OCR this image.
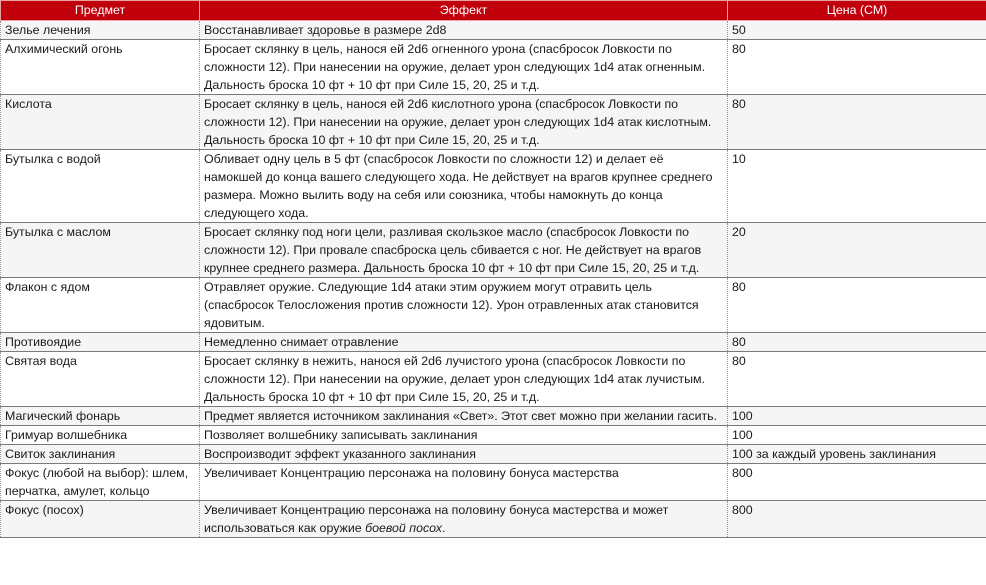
Предмет	Эффект	Цена (СМ)
Зелье лечения	Восстанавливает здоровье в размере 2d8	50
Алхимический огонь	Бросает склянку в цель, нанося ей 2d6 огненного урона (спасбросок Ловкости по сложности 12). При нанесении на оружие, делает урон следующих 1d4 атак огненным. Дальность броска 10 фт + 10 фт при Силе 15, 20, 25 и т.д.	80
Кислота	Бросает склянку в цель, нанося ей 2d6 кислотного урона (спасбросок Ловкости по сложности 12). При нанесении на оружие, делает урон следующих 1d4 атак кислотным. Дальность броска 10 фт + 10 фт при Силе 15, 20, 25 и т.д.	80
Бутылка с водой	Обливает одну цель в 5 фт (спасбросок Ловкости по сложности 12) и делает её намокшей до конца вашего следующего хода. Не действует на врагов крупнее среднего размера. Можно вылить воду на себя или союзника, чтобы намокнуть до конца следующего хода.	10
Бутылка с маслом	Бросает склянку под ноги цели, разливая скользкое масло (спасбросок Ловкости по сложности 12). При провале спасброска цель сбивается с ног. Не действует на врагов крупнее среднего размера. Дальность броска 10 фт + 10 фт при Силе 15, 20, 25 и т.д.	20
Флакон с ядом	Отравляет оружие. Следующие 1d4 атаки этим оружием могут отравить цель (спасбросок Телосложения против сложности 12). Урон отравленных атак становится ядовитым.	80
Противоядие	Немедленно снимает отравление	80
Святая вода	Бросает склянку в нежить, нанося ей 2d6 лучистого урона (спасбросок Ловкости по сложности 12). При нанесении на оружие, делает урон следующих 1d4 атак лучистым. Дальность броска 10 фт + 10 фт при Силе 15, 20, 25 и т.д.	80
Магический фонарь	Предмет является источником заклинания «Свет». Этот свет можно при желании гасить.	100
Гримуар волшебника	Позволяет волшебнику записывать заклинания	100
Свиток заклинания	Воспроизводит эффект указанного заклинания	100 за каждый уровень заклинания
Фокус (любой на выбор): шлем, перчатка, амулет, кольцо	Увеличивает Концентрацию персонажа на половину бонуса мастерства	800
Фокус (посох)	Увеличивает Концентрацию персонажа на половину бонуса мастерства и может использоваться как оружие боевой посох.	800
